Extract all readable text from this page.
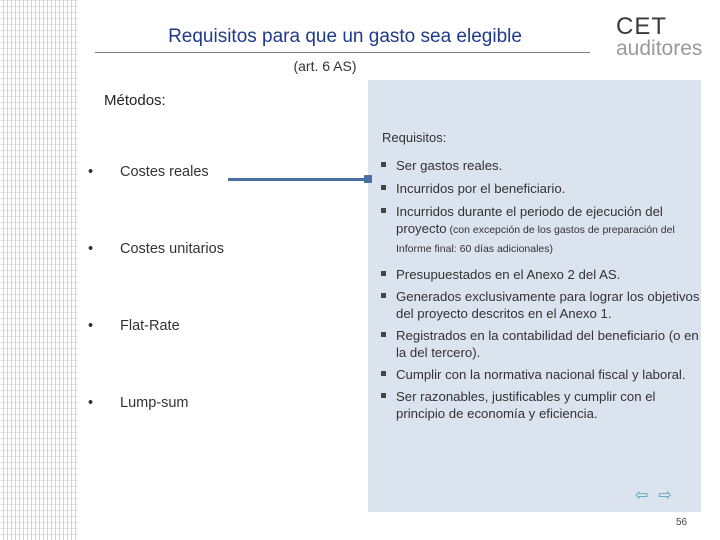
Requisitos para que un gasto sea elegible
(art. 6 AS)
CET
auditores
Métodos:
Requisitos:
• Costes reales
• Costes unitarios
• Flat-Rate
• Lump-sum
Ser gastos reales.
Incurridos por el beneficiario.
Incurridos durante el periodo de ejecución del proyecto (con excepción de los gastos de preparación del Informe final: 60 días adicionales)
Presupuestados en el Anexo 2 del AS.
Generados exclusivamente para lograr los objetivos del proyecto descritos en el Anexo 1.
Registrados en la contabilidad del beneficiario (o en la del tercero).
Cumplir con la normativa nacional fiscal y laboral.
Ser razonables, justificables y cumplir con el principio de economía y eficiencia.
⇦ ⇨
56
